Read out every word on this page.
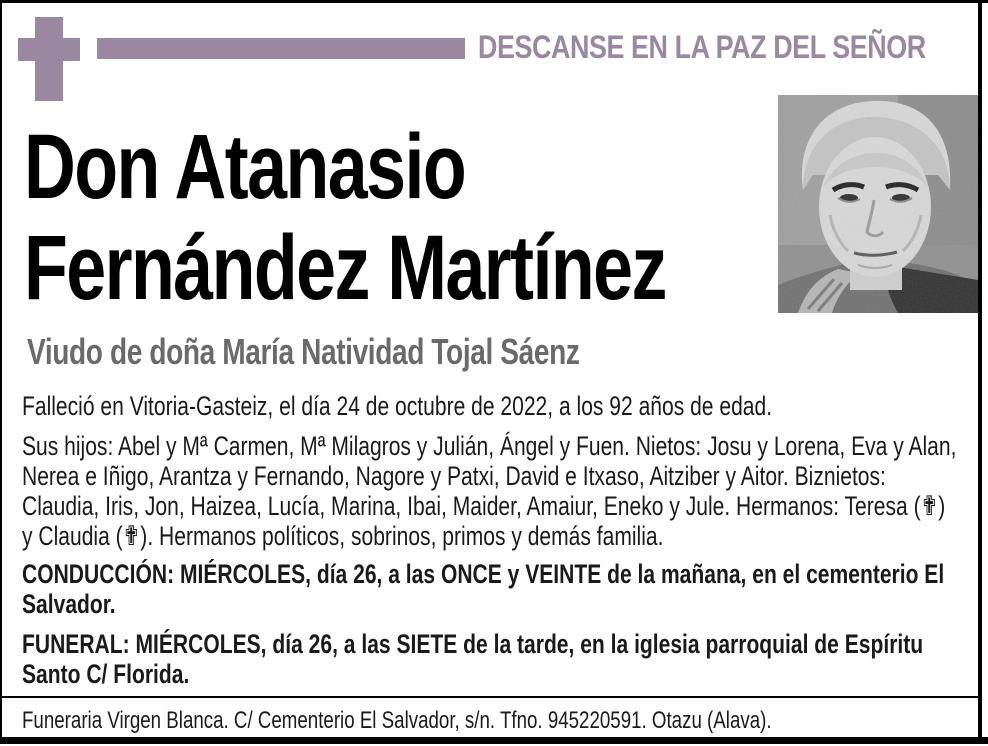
DESCANSE EN LA PAZ DEL SEÑOR
Don Atanasio
Fernández Martínez
Viudo de doña María Natividad Tojal Sáenz

Falleció en Vitoria-Gasteiz, el día 24 de octubre de 2022, a los 92 años de edad.

Sus hijos: Abel y Mª Carmen, Mª Milagros y Julián, Ángel y Fuen. Nietos: Josu y Lorena, Eva y Alan, Nerea e Iñigo, Arantza y Fernando, Nagore y Patxi, David e Itxaso, Aitziber y Aitor. Biznietos: Claudia, Iris, Jon, Haizea, Lucía, Marina, Ibai, Maider, Amaiur, Eneko y Jule. Hermanos: Teresa (✟) y Claudia (✟). Hermanos políticos, sobrinos, primos y demás familia.

CONDUCCIÓN: MIÉRCOLES, día 26, a las ONCE y VEINTE de la mañana, en el cementerio El Salvador.

FUNERAL: MIÉRCOLES, día 26, a las SIETE de la tarde, en la iglesia parroquial de Espíritu Santo C/ Florida.

Funeraria Virgen Blanca. C/ Cementerio El Salvador, s/n. Tfno. 945220591. Otazu (Alava).
